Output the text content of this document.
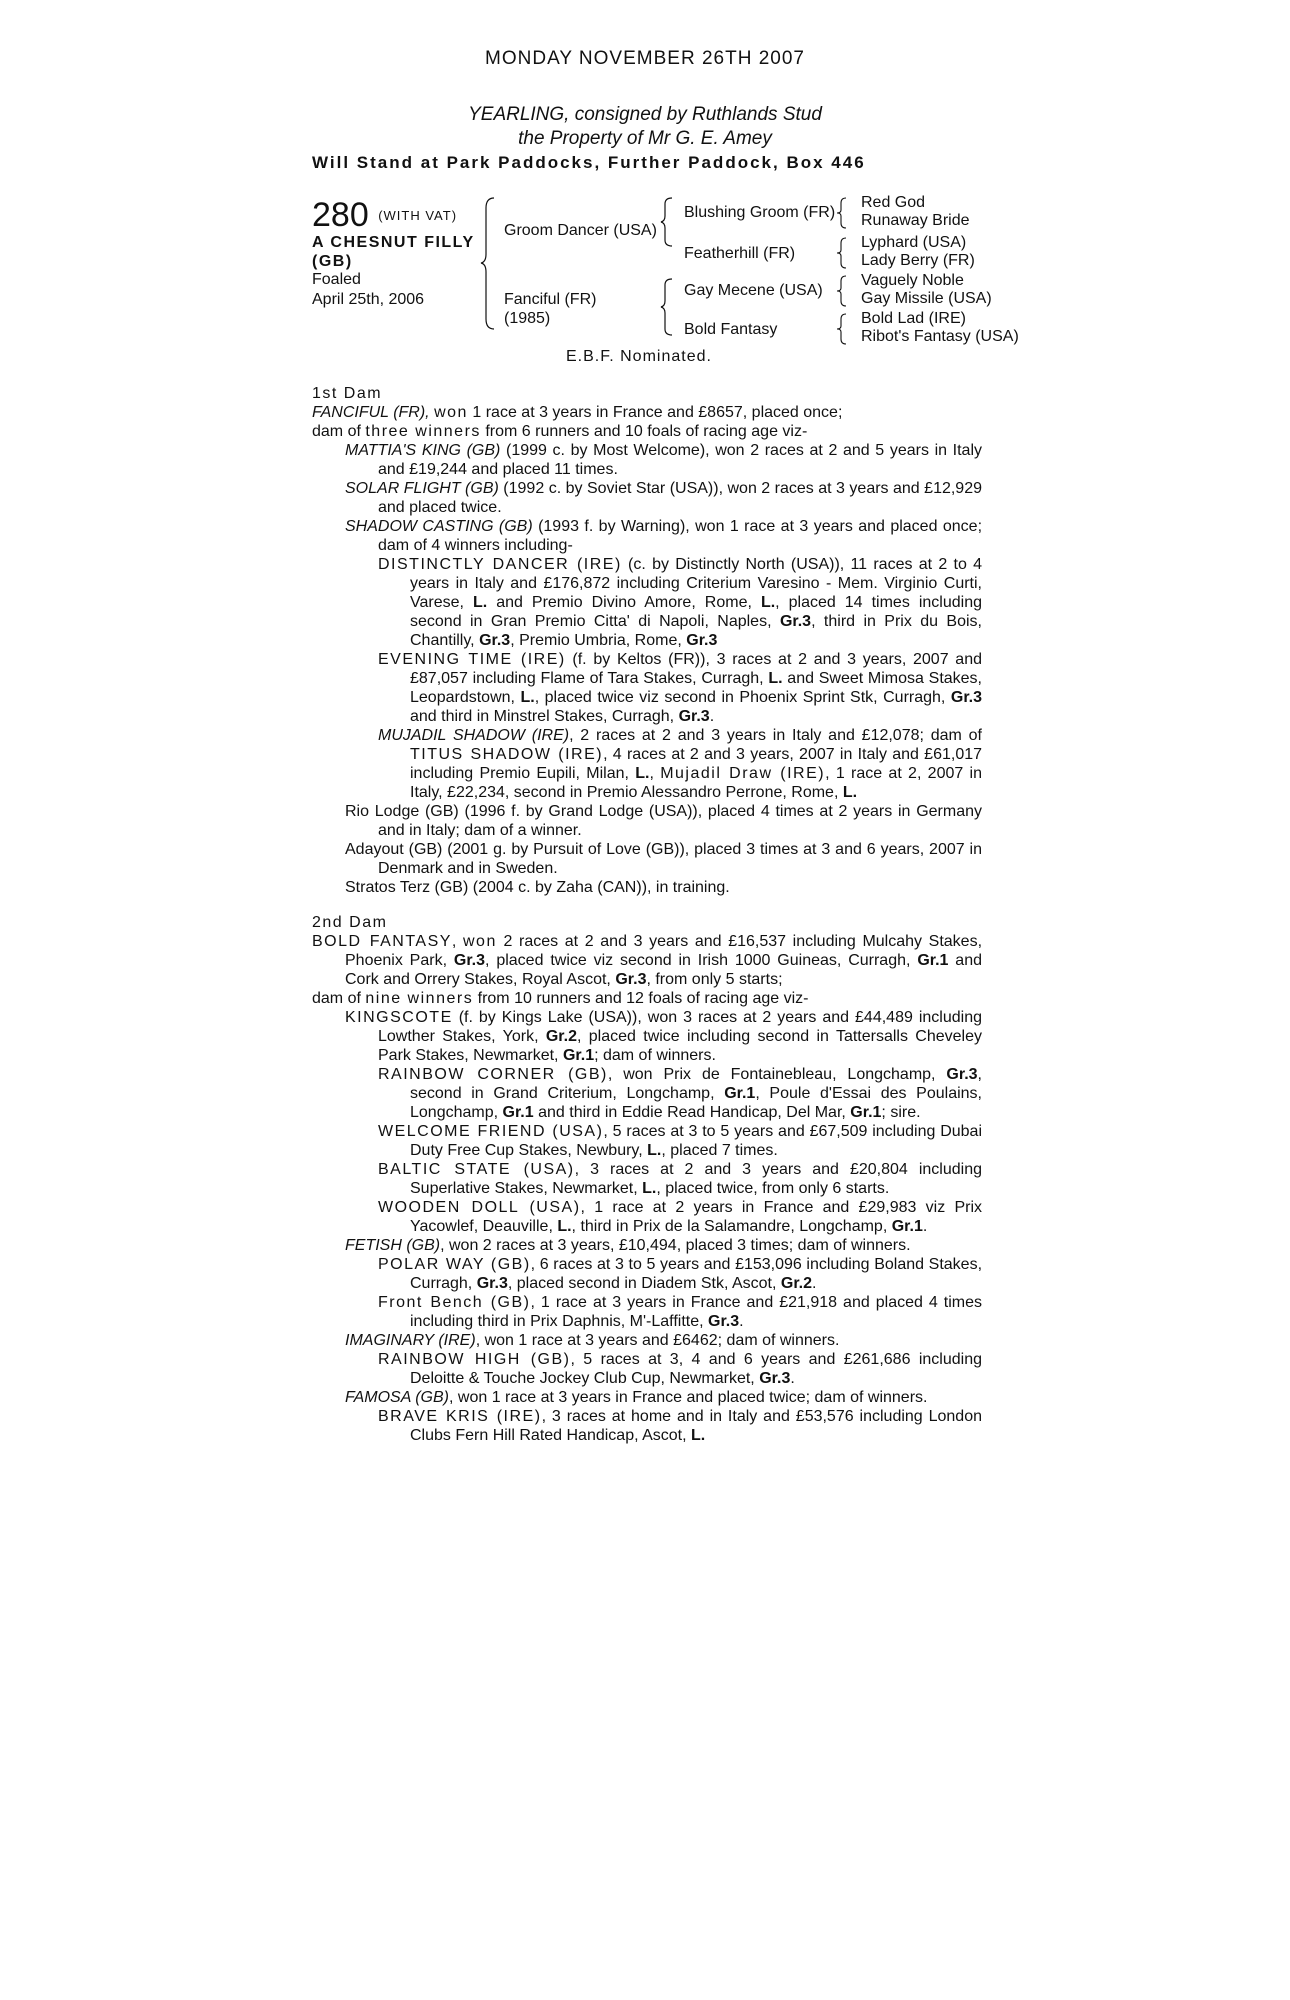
MONDAY NOVEMBER 26TH 2007
YEARLING, consigned by Ruthlands Stud
the Property of Mr G. E. Amey
Will Stand at Park Paddocks, Further Paddock, Box 446
280 (WITH VAT)
A CHESNUT FILLY
(GB)
Foaled
April 25th, 2006
Groom Dancer (USA)
Fanciful (FR)
(1985)
Blushing Groom (FR)
Featherhill (FR)
Gay Mecene (USA)
Bold Fantasy
Red God
Runaway Bride
Lyphard (USA)
Lady Berry (FR)
Vaguely Noble
Gay Missile (USA)
Bold Lad (IRE)
Ribot's Fantasy (USA)
E.B.F. Nominated.

1st Dam

FANCIFUL (FR), won 1 race at 3 years in France and £8657, placed once;

dam of three winners from 6 runners and 10 foals of racing age viz-

MATTIA'S KING (GB) (1999 c. by Most Welcome), won 2 races at 2 and 5 years in Italy and £19,244 and placed 11 times.

SOLAR FLIGHT (GB) (1992 c. by Soviet Star (USA)), won 2 races at 3 years and £12,929 and placed twice.

SHADOW CASTING (GB) (1993 f. by Warning), won 1 race at 3 years and placed once; dam of 4 winners including-

DISTINCTLY DANCER (IRE) (c. by Distinctly North (USA)), 11 races at 2 to 4 years in Italy and £176,872 including Criterium Varesino - Mem. Virginio Curti, Varese, L. and Premio Divino Amore, Rome, L., placed 14 times including second in Gran Premio Citta' di Napoli, Naples, Gr.3, third in Prix du Bois, Chantilly, Gr.3, Premio Umbria, Rome, Gr.3

EVENING TIME (IRE) (f. by Keltos (FR)), 3 races at 2 and 3 years, 2007 and £87,057 including Flame of Tara Stakes, Curragh, L. and Sweet Mimosa Stakes, Leopardstown, L., placed twice viz second in Phoenix Sprint Stk, Curragh, Gr.3 and third in Minstrel Stakes, Curragh, Gr.3.

MUJADIL SHADOW (IRE), 2 races at 2 and 3 years in Italy and £12,078; dam of TITUS SHADOW (IRE), 4 races at 2 and 3 years, 2007 in Italy and £61,017 including Premio Eupili, Milan, L., Mujadil Draw (IRE), 1 race at 2, 2007 in Italy, £22,234, second in Premio Alessandro Perrone, Rome, L.

Rio Lodge (GB) (1996 f. by Grand Lodge (USA)), placed 4 times at 2 years in Germany and in Italy; dam of a winner.

Adayout (GB) (2001 g. by Pursuit of Love (GB)), placed 3 times at 3 and 6 years, 2007 in Denmark and in Sweden.

Stratos Terz (GB) (2004 c. by Zaha (CAN)), in training.

2nd Dam

BOLD FANTASY, won 2 races at 2 and 3 years and £16,537 including Mulcahy Stakes, Phoenix Park, Gr.3, placed twice viz second in Irish 1000 Guineas, Curragh, Gr.1 and Cork and Orrery Stakes, Royal Ascot, Gr.3, from only 5 starts;

dam of nine winners from 10 runners and 12 foals of racing age viz-

KINGSCOTE (f. by Kings Lake (USA)), won 3 races at 2 years and £44,489 including Lowther Stakes, York, Gr.2, placed twice including second in Tattersalls Cheveley Park Stakes, Newmarket, Gr.1; dam of winners.

RAINBOW CORNER (GB), won Prix de Fontainebleau, Longchamp, Gr.3, second in Grand Criterium, Longchamp, Gr.1, Poule d'Essai des Poulains, Longchamp, Gr.1 and third in Eddie Read Handicap, Del Mar, Gr.1; sire.

WELCOME FRIEND (USA), 5 races at 3 to 5 years and £67,509 including Dubai Duty Free Cup Stakes, Newbury, L., placed 7 times.

BALTIC STATE (USA), 3 races at 2 and 3 years and £20,804 including Superlative Stakes, Newmarket, L., placed twice, from only 6 starts.

WOODEN DOLL (USA), 1 race at 2 years in France and £29,983 viz Prix Yacowlef, Deauville, L., third in Prix de la Salamandre, Longchamp, Gr.1.

FETISH (GB), won 2 races at 3 years, £10,494, placed 3 times; dam of winners.

POLAR WAY (GB), 6 races at 3 to 5 years and £153,096 including Boland Stakes, Curragh, Gr.3, placed second in Diadem Stk, Ascot, Gr.2.

Front Bench (GB), 1 race at 3 years in France and £21,918 and placed 4 times including third in Prix Daphnis, M'-Laffitte, Gr.3.

IMAGINARY (IRE), won 1 race at 3 years and £6462; dam of winners.

RAINBOW HIGH (GB), 5 races at 3, 4 and 6 years and £261,686 including Deloitte & Touche Jockey Club Cup, Newmarket, Gr.3.

FAMOSA (GB), won 1 race at 3 years in France and placed twice; dam of winners.

BRAVE KRIS (IRE), 3 races at home and in Italy and £53,576 including London Clubs Fern Hill Rated Handicap, Ascot, L.
